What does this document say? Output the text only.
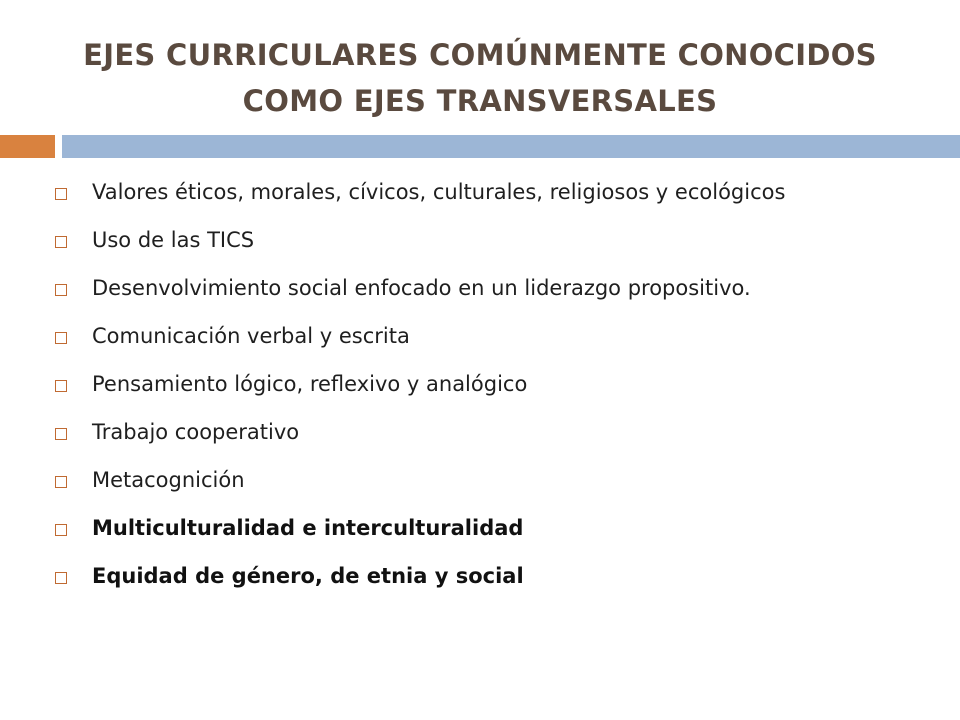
EJES CURRICULARES COMÚNMENTE CONOCIDOS
COMO EJES TRANSVERSALES
Valores éticos, morales, cívicos, culturales, religiosos y ecológicos
Uso de las TICS
Desenvolvimiento social enfocado en un liderazgo propositivo.
Comunicación verbal y escrita
Pensamiento lógico, reflexivo y analógico
Trabajo cooperativo
Metacognición
Multiculturalidad e interculturalidad
Equidad de género, de etnia y social
